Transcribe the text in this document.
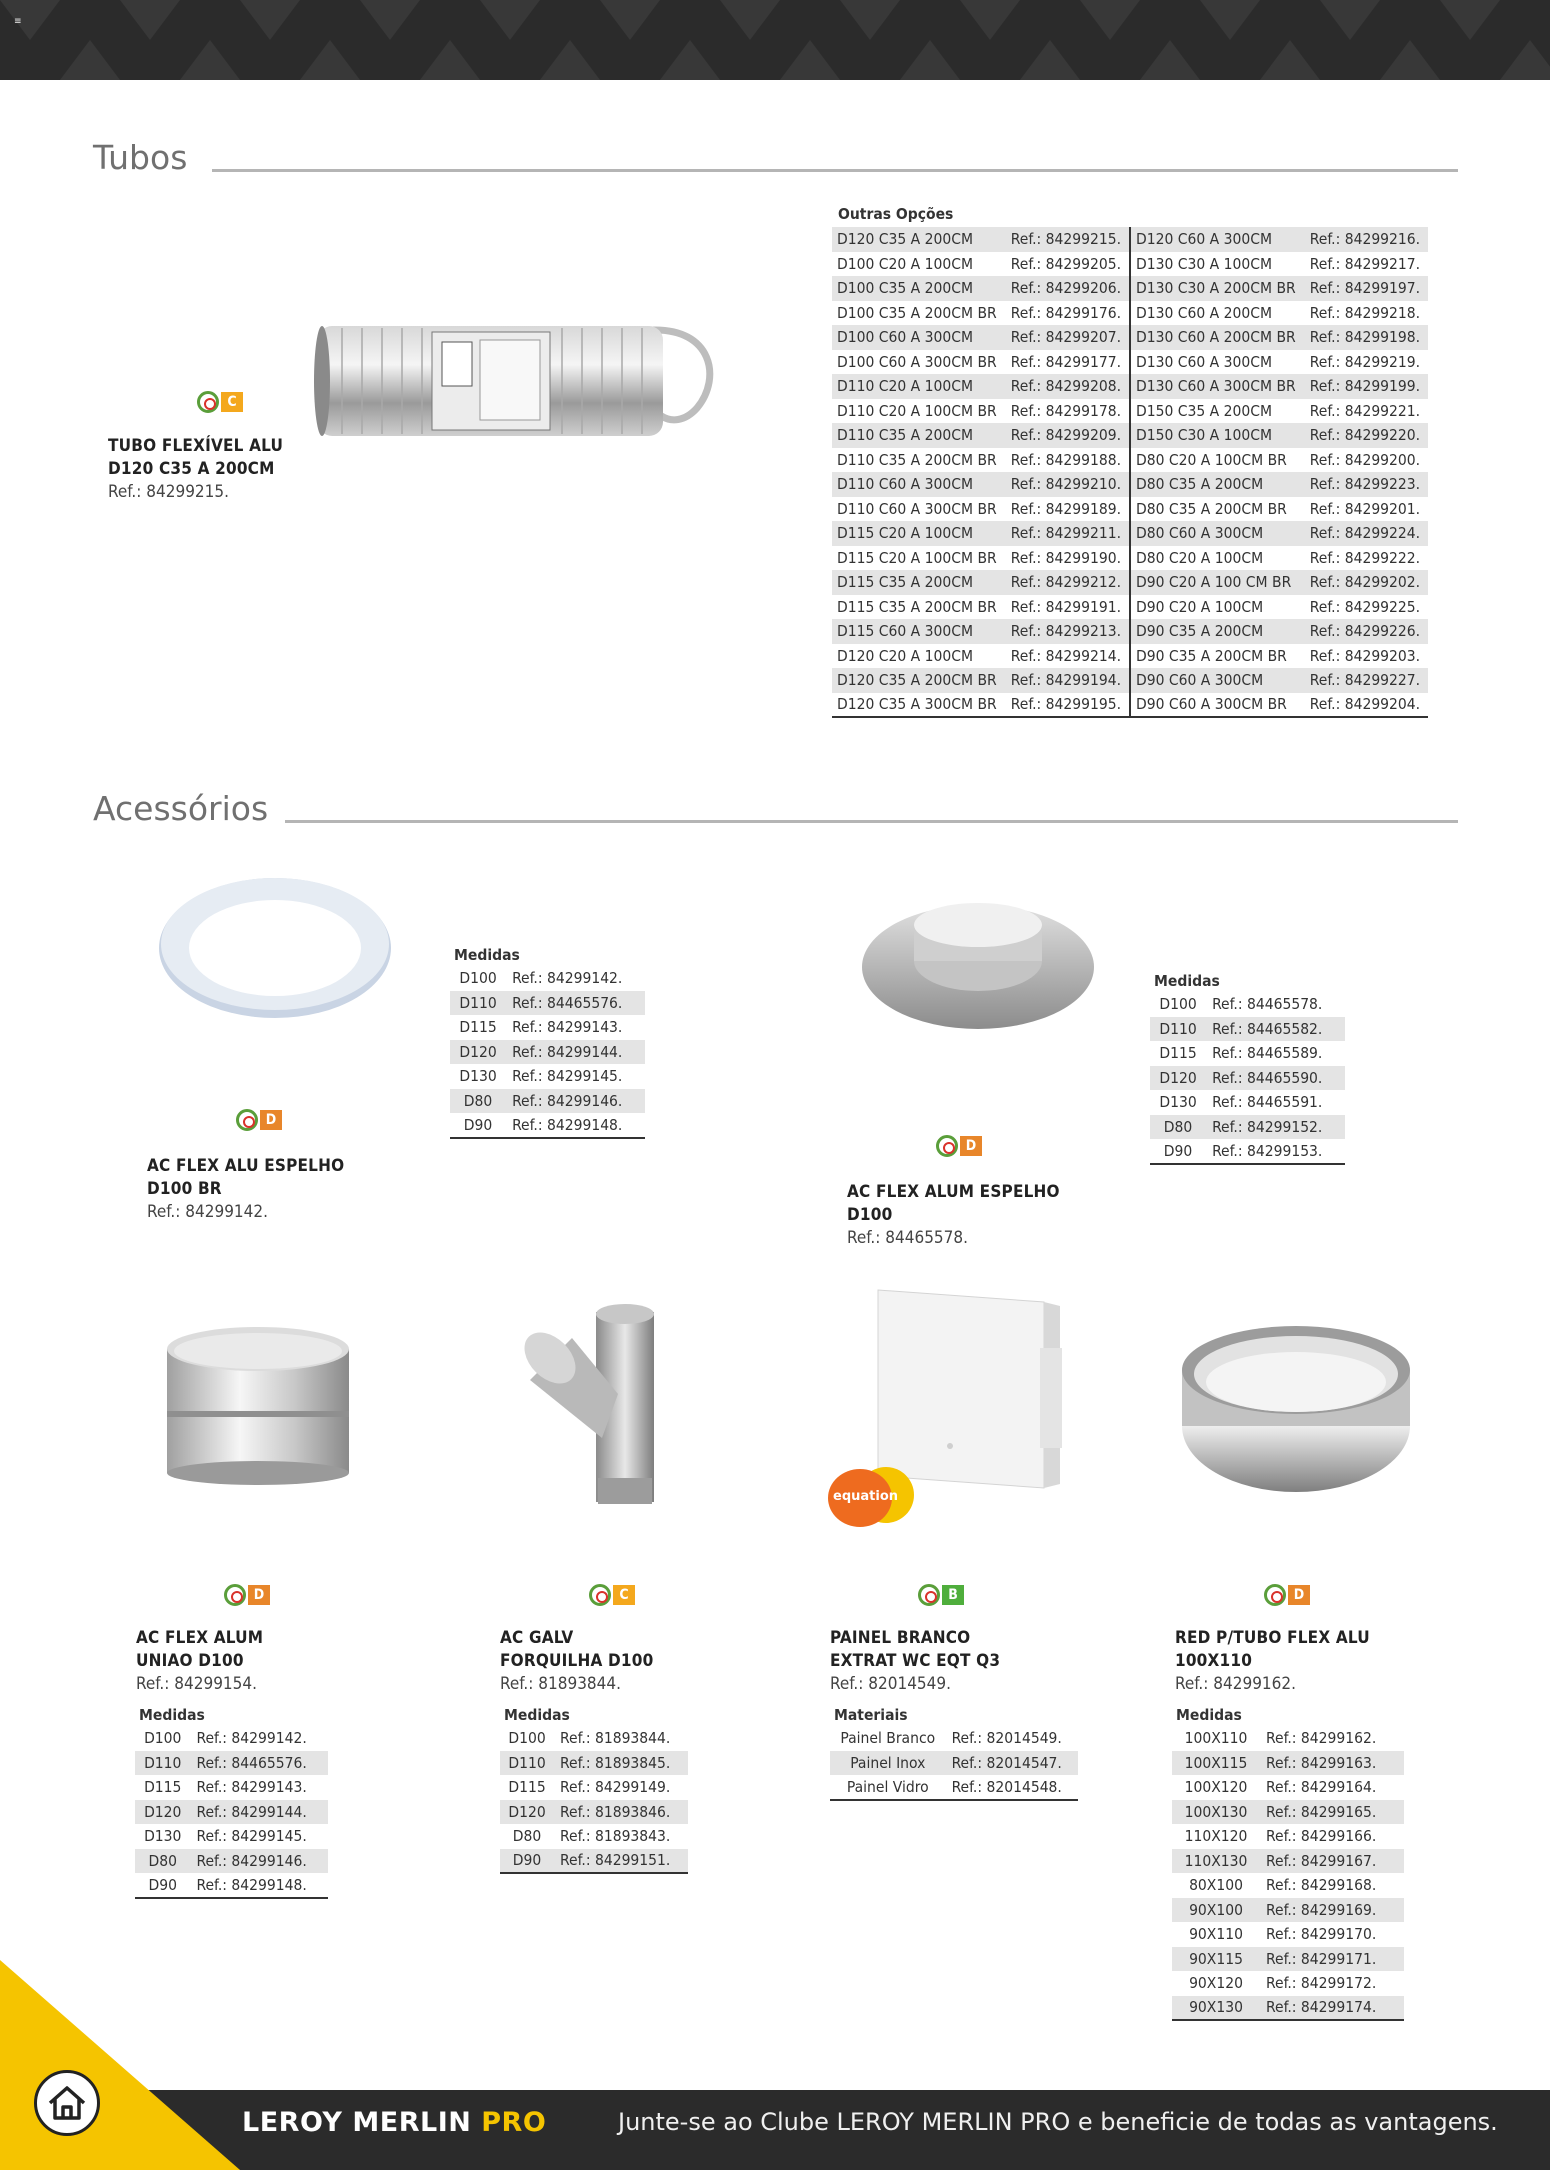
≡
Tubos
C
TUBO FLEXÍVEL ALU
D120 C35 A 200CM
Ref.: 84299215.
Outras Opções
D120 C35 A 200CM	Ref.: 84299215.	D120 C60 A 300CM	Ref.: 84299216.
D100 C20 A 100CM	Ref.: 84299205.	D130 C30 A 100CM	Ref.: 84299217.
D100 C35 A 200CM	Ref.: 84299206.	D130 C30 A 200CM BR	Ref.: 84299197.
D100 C35 A 200CM BR	Ref.: 84299176.	D130 C60 A 200CM	Ref.: 84299218.
D100 C60 A 300CM	Ref.: 84299207.	D130 C60 A 200CM BR	Ref.: 84299198.
D100 C60 A 300CM BR	Ref.: 84299177.	D130 C60 A 300CM	Ref.: 84299219.
D110 C20 A 100CM	Ref.: 84299208.	D130 C60 A 300CM BR	Ref.: 84299199.
D110 C20 A 100CM BR	Ref.: 84299178.	D150 C35 A 200CM	Ref.: 84299221.
D110 C35 A 200CM	Ref.: 84299209.	D150 C30 A 100CM	Ref.: 84299220.
D110 C35 A 200CM BR	Ref.: 84299188.	D80 C20 A 100CM BR	Ref.: 84299200.
D110 C60 A 300CM	Ref.: 84299210.	D80 C35 A 200CM	Ref.: 84299223.
D110 C60 A 300CM BR	Ref.: 84299189.	D80 C35 A 200CM BR	Ref.: 84299201.
D115 C20 A 100CM	Ref.: 84299211.	D80 C60 A 300CM	Ref.: 84299224.
D115 C20 A 100CM BR	Ref.: 84299190.	D80 C20 A 100CM	Ref.: 84299222.
D115 C35 A 200CM	Ref.: 84299212.	D90 C20 A 100 CM BR	Ref.: 84299202.
D115 C35 A 200CM BR	Ref.: 84299191.	D90 C20 A 100CM	Ref.: 84299225.
D115 C60 A 300CM	Ref.: 84299213.	D90 C35 A 200CM	Ref.: 84299226.
D120 C20 A 100CM	Ref.: 84299214.	D90 C35 A 200CM BR	Ref.: 84299203.
D120 C35 A 200CM BR	Ref.: 84299194.	D90 C60 A 300CM	Ref.: 84299227.
D120 C35 A 300CM BR	Ref.: 84299195.	D90 C60 A 300CM BR	Ref.: 84299204.
Acessórios
D
AC FLEX ALU ESPELHO
D100 BR
Ref.: 84299142.
Medidas
D100	Ref.: 84299142.
D110	Ref.: 84465576.
D115	Ref.: 84299143.
D120	Ref.: 84299144.
D130	Ref.: 84299145.
D80	Ref.: 84299146.
D90	Ref.: 84299148.
D
AC FLEX ALUM ESPELHO
D100
Ref.: 84465578.
Medidas
D100	Ref.: 84465578.
D110	Ref.: 84465582.
D115	Ref.: 84465589.
D120	Ref.: 84465590.
D130	Ref.: 84465591.
D80	Ref.: 84299152.
D90	Ref.: 84299153.
D
AC FLEX ALUM
UNIAO D100
Ref.: 84299154.
Medidas
D100	Ref.: 84299142.
D110	Ref.: 84465576.
D115	Ref.: 84299143.
D120	Ref.: 84299144.
D130	Ref.: 84299145.
D80	Ref.: 84299146.
D90	Ref.: 84299148.
C
AC GALV
FORQUILHA D100
Ref.: 81893844.
Medidas
D100	Ref.: 81893844.
D110	Ref.: 81893845.
D115	Ref.: 84299149.
D120	Ref.: 81893846.
D80	Ref.: 81893843.
D90	Ref.: 84299151.
equation
B
PAINEL BRANCO
EXTRAT WC EQT Q3
Ref.: 82014549.
Materiais
Painel Branco	Ref.: 82014549.
Painel Inox	Ref.: 82014547.
Painel Vidro	Ref.: 82014548.
D
RED P/TUBO FLEX ALU
100X110
Ref.: 84299162.
Medidas
100X110	Ref.: 84299162.
100X115	Ref.: 84299163.
100X120	Ref.: 84299164.
100X130	Ref.: 84299165.
110X120	Ref.: 84299166.
110X130	Ref.: 84299167.
80X100	Ref.: 84299168.
90X100	Ref.: 84299169.
90X110	Ref.: 84299170.
90X115	Ref.: 84299171.
90X120	Ref.: 84299172.
90X130	Ref.: 84299174.
LEROY MERLIN PRO	Junte-se ao Clube LEROY MERLIN PRO e beneficie de todas as vantagens.
